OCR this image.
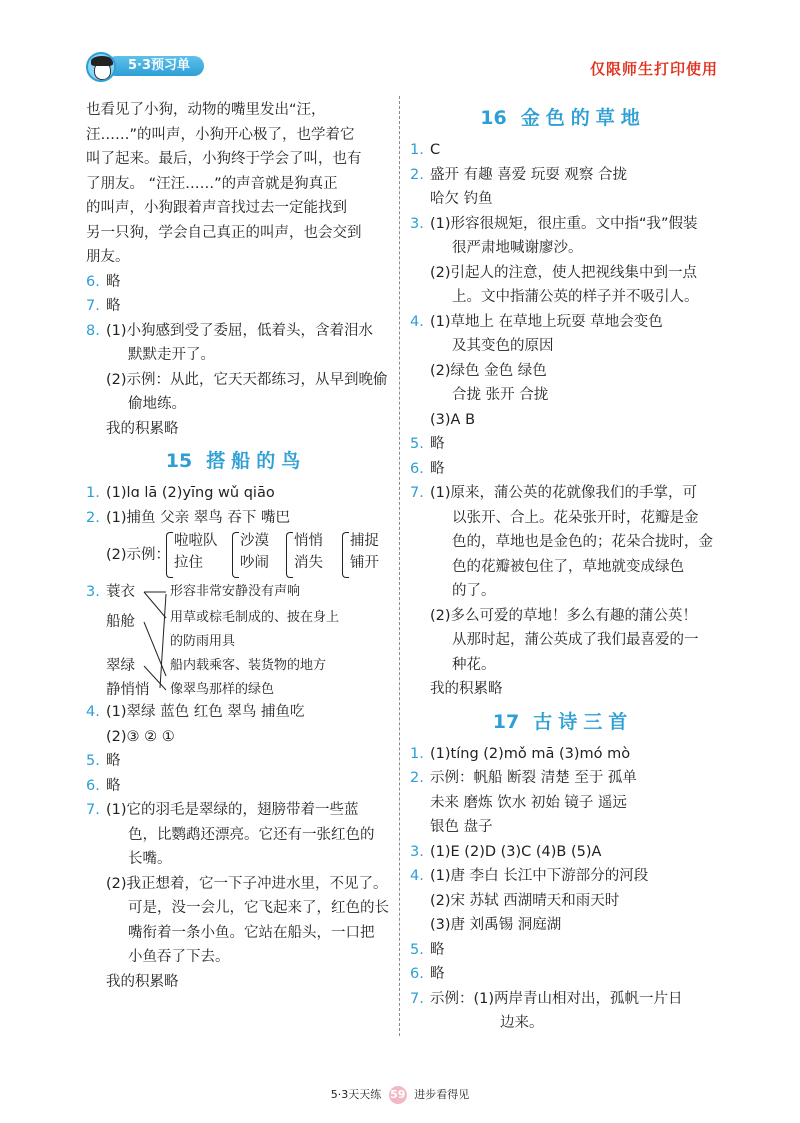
5·3预习单	仅限师生打印使用
也看见了小狗，动物的嘴里发出“汪，
汪……”的叫声，小狗开心极了，也学着它
叫了起来。最后，小狗终于学会了叫，也有
了朋友。 “汪汪……”的声音就是狗真正
的叫声，小狗跟着声音找过去一定能找到
另一只狗，学会自己真正的叫声，也会交到
朋友。
6. 略
7. 略
8. (1)小狗感到受了委屈，低着头，含着泪水
默默走开了。
(2)示例：从此，它天天都练习，从早到晚偷
偷地练。
我的积累略
15 搭船的鸟
1. (1)lɑ lā (2)yīng wǔ qiāo
2. (1)捕鱼 父亲 翠鸟 吞下 嘴巴
(2)示例：
啦啦队
拉住
沙漠
吵闹
悄悄
消失
捕捉
铺开
3. 蓑衣
船舱
翠绿
静悄悄
形容非常安静没有声响
用草或棕毛制成的、披在身上
的防雨用具
船内载乘客、装货物的地方
像翠鸟那样的绿色
4. (1)翠绿 蓝色 红色 翠鸟 捕鱼吃
(2)③ ② ①
5. 略
6. 略
7. (1)它的羽毛是翠绿的，翅膀带着一些蓝
色，比鹦鹉还漂亮。它还有一张红色的
长嘴。
(2)我正想着，它一下子冲进水里，不见了。
可是，没一会儿，它飞起来了，红色的长
嘴衔着一条小鱼。它站在船头，一口把
小鱼吞了下去。
我的积累略
16 金色的草地
1. C
2. 盛开 有趣 喜爱 玩耍 观察 合拢
哈欠 钓鱼
3. (1)形容很规矩，很庄重。文中指“我”假装
很严肃地喊谢廖沙。
(2)引起人的注意，使人把视线集中到一点
上。文中指蒲公英的样子并不吸引人。
4. (1)草地上 在草地上玩耍 草地会变色
及其变色的原因
(2)绿色 金色 绿色
合拢 张开 合拢
(3)A B
5. 略
6. 略
7. (1)原来，蒲公英的花就像我们的手掌，可
以张开、合上。花朵张开时，花瓣是金
色的，草地也是金色的；花朵合拢时，金
色的花瓣被包住了，草地就变成绿色
的了。
(2)多么可爱的草地！多么有趣的蒲公英！
从那时起，蒲公英成了我们最喜爱的一
种花。
我的积累略
17 古诗三首
1. (1)tíng (2)mǒ mā (3)mó mò
2. 示例：帆船 断裂 清楚 至于 孤单
未来 磨炼 饮水 初始 镜子 遥远
银色 盘子
3. (1)E (2)D (3)C (4)B (5)A
4. (1)唐 李白 长江中下游部分的河段
(2)宋 苏轼 西湖晴天和雨天时
(3)唐 刘禹锡 洞庭湖
5. 略
6. 略
7. 示例：(1)两岸青山相对出，孤帆一片日
边来。
5·3天天练 59 进步看得见
